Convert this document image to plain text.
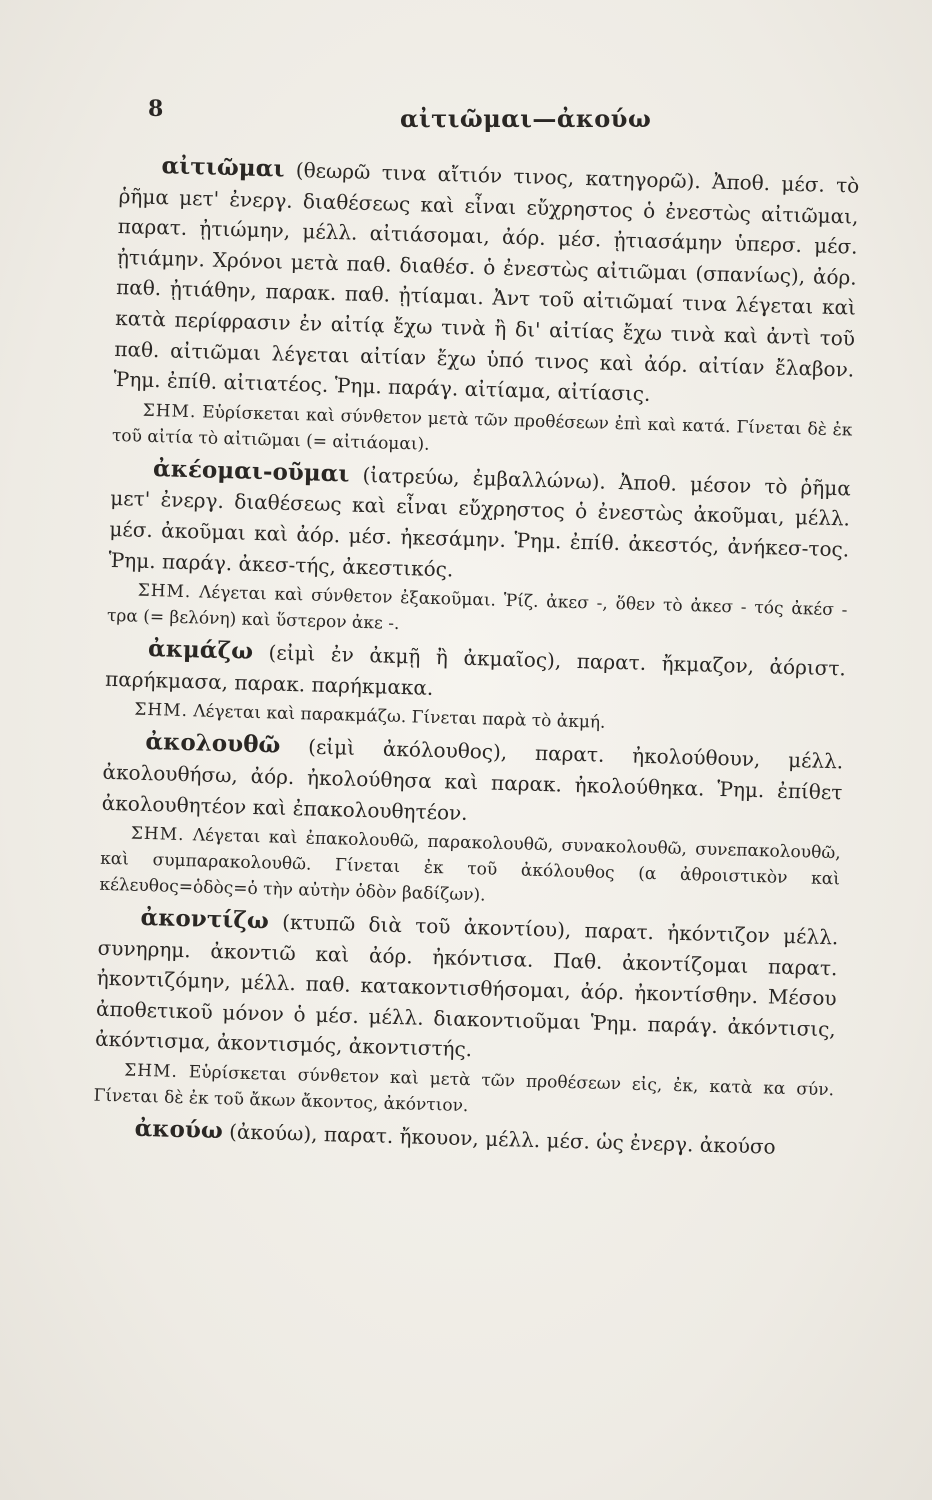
8	αἰτιῶμαι—ἀκούω

αἰτιῶμαι (θεωρῶ τινα αἴτιόν τινος, κατηγορῶ). Ἀποθ. μέσ. τὸ ῥῆμα μετ' ἐνεργ. διαθέσεως καὶ εἶναι εὔχρηστος ὁ ἐνεστὼς αἰτιῶμαι, παρατ. ᾐτιώμην, μέλλ. αἰτιάσομαι, ἀόρ. μέσ. ᾐτιασάμην ὑπερσ. μέσ. ᾐτιάμην. Χρόνοι μετὰ παθ. διαθέσ. ὁ ἐνεστὼς αἰτιῶμαι (σπανίως), ἀόρ. παθ. ᾐτιάθην, παρακ. παθ. ᾐτίαμαι. Ἀντ τοῦ αἰτιῶμαί τινα λέγεται καὶ κατὰ περίφρασιν ἐν αἰτίᾳ ἔχω τινὰ ἢ δι' αἰτίας ἔχω τινὰ καὶ ἀντὶ τοῦ παθ. αἰτιῶμαι λέγεται αἰτίαν ἔχω ὑπό τινος καὶ ἀόρ. αἰτίαν ἔλαβον. Ῥημ. ἐπίθ. αἰτιατέος. Ῥημ. παράγ. αἰτίαμα, αἰτίασις.

ΣΗΜ. Εὑρίσκεται καὶ σύνθετον μετὰ τῶν προθέσεων ἐπὶ καὶ κατά. Γίνεται δὲ ἐκ τοῦ αἰτία τὸ αἰτιῶμαι (= αἰτιάομαι).

ἀκέομαι-οῦμαι (ἰατρεύω, ἐμβαλλώνω). Ἀποθ. μέσον τὸ ῥῆμα μετ' ἐνεργ. διαθέσεως καὶ εἶναι εὔχρηστος ὁ ἐνεστὼς ἀκοῦμαι, μέλλ. μέσ. ἀκοῦμαι καὶ ἀόρ. μέσ. ἠκεσάμην. Ῥημ. ἐπίθ. ἀκεστός, ἀνήκεσ-τος. Ῥημ. παράγ. ἀκεσ-τής, ἀκεστικός.

ΣΗΜ. Λέγεται καὶ σύνθετον ἐξακοῦμαι. Ῥίζ. ἀκεσ -, ὅθεν τὸ ἀκεσ - τός ἀκέσ - τρα (= βελόνη) καὶ ὕστερον ἀκε -.

ἀκμάζω (εἰμὶ ἐν ἀκμῇ ἢ ἀκμαῖος), παρατ. ἤκμαζον, ἀόριστ. παρήκμασα, παρακ. παρήκμακα.

ΣΗΜ. Λέγεται καὶ παρακμάζω. Γίνεται παρὰ τὸ ἀκμή.

ἀκολουθῶ (εἰμὶ ἀκόλουθος), παρατ. ἠκολούθουν, μέλλ. ἀκολουθήσω, ἀόρ. ἠκολούθησα καὶ παρακ. ἠκολούθηκα. Ῥημ. ἐπίθετ ἀκολουθητέον καὶ ἐπακολουθητέον.

ΣΗΜ. Λέγεται καὶ ἐπακολουθῶ, παρακολουθῶ, συνακολουθῶ, συνεπακολουθῶ, καὶ συμπαρακολουθῶ. Γίνεται ἐκ τοῦ ἀκόλουθος (α ἀθροιστικὸν καὶ κέλευθος=ὁδὸς=ὁ τὴν αὐτὴν ὁδὸν βαδίζων).

ἀκοντίζω (κτυπῶ διὰ τοῦ ἀκοντίου), παρατ. ἠκόντιζον μέλλ. συνηρημ. ἀκοντιῶ καὶ ἀόρ. ἠκόντισα. Παθ. ἀκοντίζομαι παρατ. ἠκοντιζόμην, μέλλ. παθ. κατακοντισθήσομαι, ἀόρ. ἠκοντίσθην. Μέσου ἀποθετικοῦ μόνον ὁ μέσ. μέλλ. διακοντιοῦμαι Ῥημ. παράγ. ἀκόντισις, ἀκόντισμα, ἀκοντισμός, ἀκοντιστής.

ΣΗΜ. Εὑρίσκεται σύνθετον καὶ μετὰ τῶν προθέσεων εἰς, ἐκ, κατὰ κα σύν. Γίνεται δὲ ἐκ τοῦ ἄκων ἄκοντος, ἀκόντιον.

ἀκούω (ἀκούω), παρατ. ἤκουον, μέλλ. μέσ. ὡς ἐνεργ. ἀκούσο
